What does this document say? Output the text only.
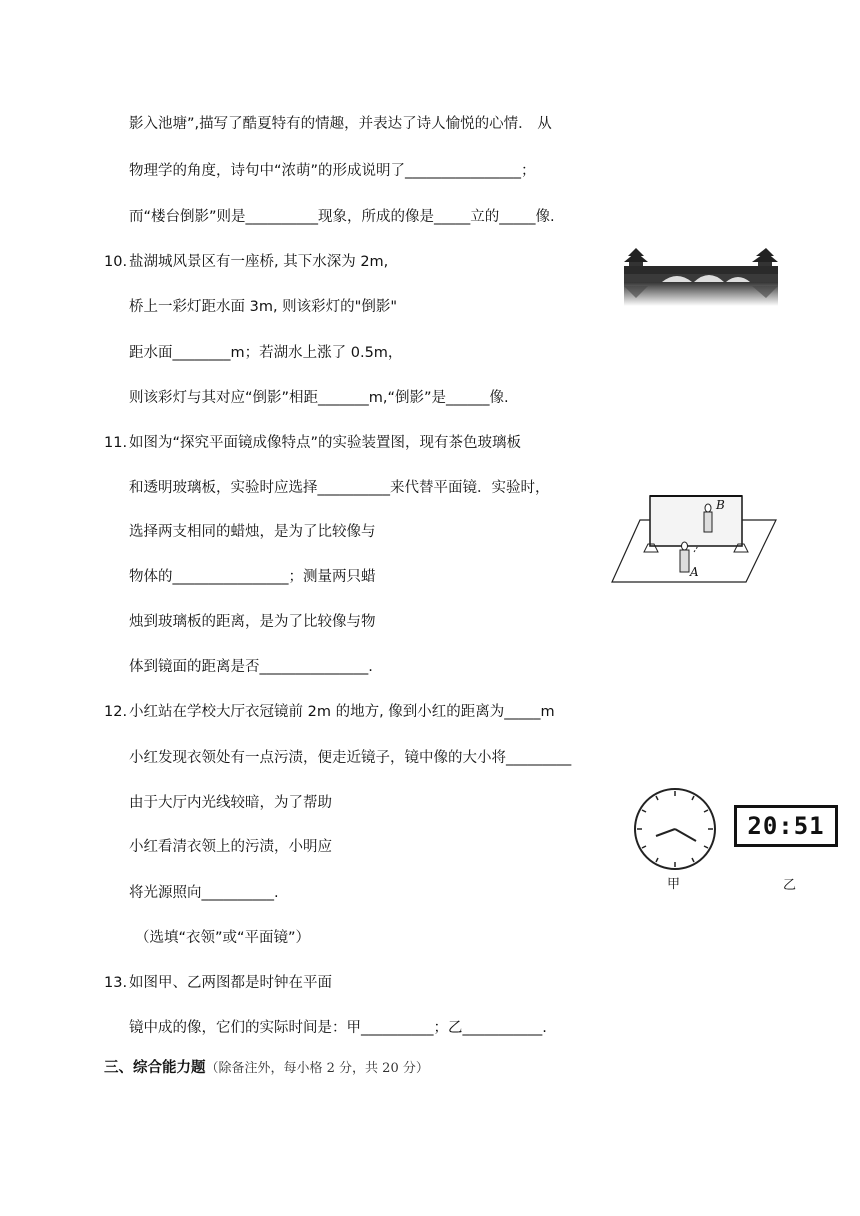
影入池塘”,描写了酷夏特有的情趣，并表达了诗人愉悦的心情． 从
物理学的角度，诗句中“浓萌”的形成说明了________________；
而“楼台倒影”则是__________现象，所成的像是_____立的_____像.
10. 盐湖城风景区有一座桥, 其下水深为 2m,
桥上一彩灯距水面 3m, 则该彩灯的"倒影"
距水面________m；若湖水上涨了 0.5m，
则该彩灯与其对应“倒影”相距_______m,“倒影”是______像.
11. 如图为“探究平面镜成像特点”的实验装置图，现有茶色玻璃板
和透明玻璃板，实验时应选择__________来代替平面镜．实验时，
选择两支相同的蜡烛，是为了比较像与
物体的________________；测量两只蜡
烛到玻璃板的距离，是为了比较像与物
体到镜面的距离是否_______________.
B
A
12. 小红站在学校大厅衣冠镜前 2m 的地方, 像到小红的距离为_____m
小红发现衣领处有一点污渍，便走近镜子，镜中像的大小将_________
由于大厅内光线较暗，为了帮助
小红看清衣领上的污渍，小明应
将光源照向__________.
（选填“衣领”或“平面镜”）
甲
20:51
乙
13. 如图甲、乙两图都是时钟在平面
镜中成的像，它们的实际时间是：甲__________；乙___________.
三、综合能力题（除备注外，每小格 2 分，共 20 分）
